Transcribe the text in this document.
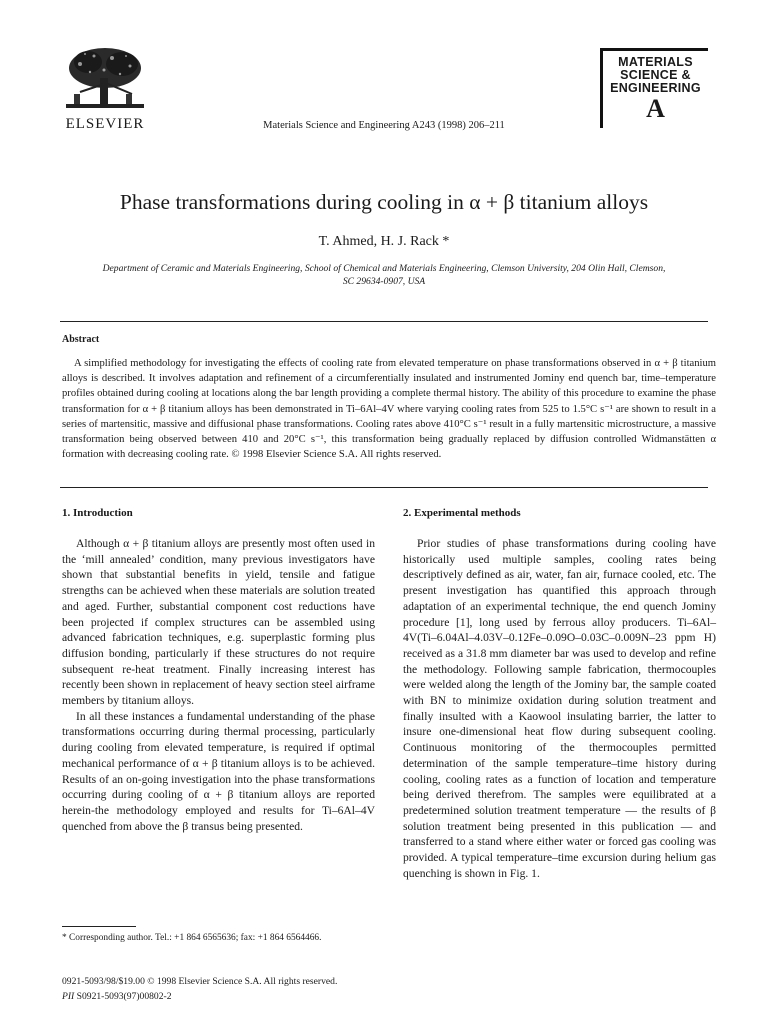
ELSEVIER	Materials Science and Engineering A243 (1998) 206–211
MATERIALS
SCIENCE &
ENGINEERING
A
Phase transformations during cooling in α + β titanium alloys
T. Ahmed, H. J. Rack *
Department of Ceramic and Materials Engineering, School of Chemical and Materials Engineering, Clemson University, 204 Olin Hall, Clemson,
SC 29634-0907, USA
Abstract
A simplified methodology for investigating the effects of cooling rate from elevated temperature on phase transformations observed in α + β titanium alloys is described. It involves adaptation and refinement of a circumferentially insulated and instrumented Jominy end quench bar, time–temperature profiles obtained during cooling at locations along the bar length providing a complete thermal history. The ability of this procedure to examine the phase transformation for α + β titanium alloys has been demonstrated in Ti–6Al–4V where varying cooling rates from 525 to 1.5°C s⁻¹ are shown to result in a series of martensitic, massive and diffusional phase transformations. Cooling rates above 410°C s⁻¹ result in a fully martensitic microstructure, a massive transformation being observed between 410 and 20°C s⁻¹, this transformation being gradually replaced by diffusion controlled Widmanstätten α formation with decreasing cooling rate. © 1998 Elsevier Science S.A. All rights reserved.
1. Introduction	2. Experimental methods

Although α + β titanium alloys are presently most often used in the ‘mill annealed’ condition, many previous investigators have shown that substantial benefits in yield, tensile and fatigue strengths can be achieved when these materials are solution treated and aged. Further, substantial component cost reductions have been projected if complex structures can be assembled using advanced fabrication techniques, e.g. superplastic forming plus diffusion bonding, particularly if these structures do not require subsequent re-heat treatment. Finally increasing interest has recently been shown in replacement of heavy section steel airframe members by titanium alloys.

In all these instances a fundamental understanding of the phase transformations occurring during thermal processing, particularly during cooling from elevated temperature, is required if optimal mechanical performance of α + β titanium alloys is to be achieved. Results of an on-going investigation into the phase transformations occurring during cooling of α + β titanium alloys are reported herein-the methodology employed and results for Ti–6Al–4V quenched from above the β transus being presented.

Prior studies of phase transformations during cooling have historically used multiple samples, cooling rates being descriptively defined as air, water, fan air, furnace cooled, etc. The present investigation has quantified this approach through adaptation of an experimental technique, the end quench Jominy procedure [1], long used by ferrous alloy producers. Ti–6Al–4V(Ti–6.04Al–4.03V–0.12Fe–0.09O–0.03C–0.009N–23 ppm H) received as a 31.8 mm diameter bar was used to develop and refine the methodology. Following sample fabrication, thermocouples were welded along the length of the Jominy bar, the sample coated with BN to minimize oxidation during solution treatment and finally insulted with a Kaowool insulating barrier, the latter to insure one-dimensional heat flow during subsequent cooling. Continuous monitoring of the thermocouples permitted determination of the sample temperature–time history during cooling, cooling rates as a function of location and temperature being derived therefrom. The samples were equilibrated at a predetermined solution treatment temperature — the results of β solution treatment being presented in this publication — and transferred to a stand where either water or forced gas cooling was provided. A typical temperature–time excursion during helium gas quenching is shown in Fig. 1.

* Corresponding author. Tel.: +1 864 6565636; fax: +1 864 6564466.
0921-5093/98/$19.00 © 1998 Elsevier Science S.A. All rights reserved.
PII S0921-5093(97)00802-2
